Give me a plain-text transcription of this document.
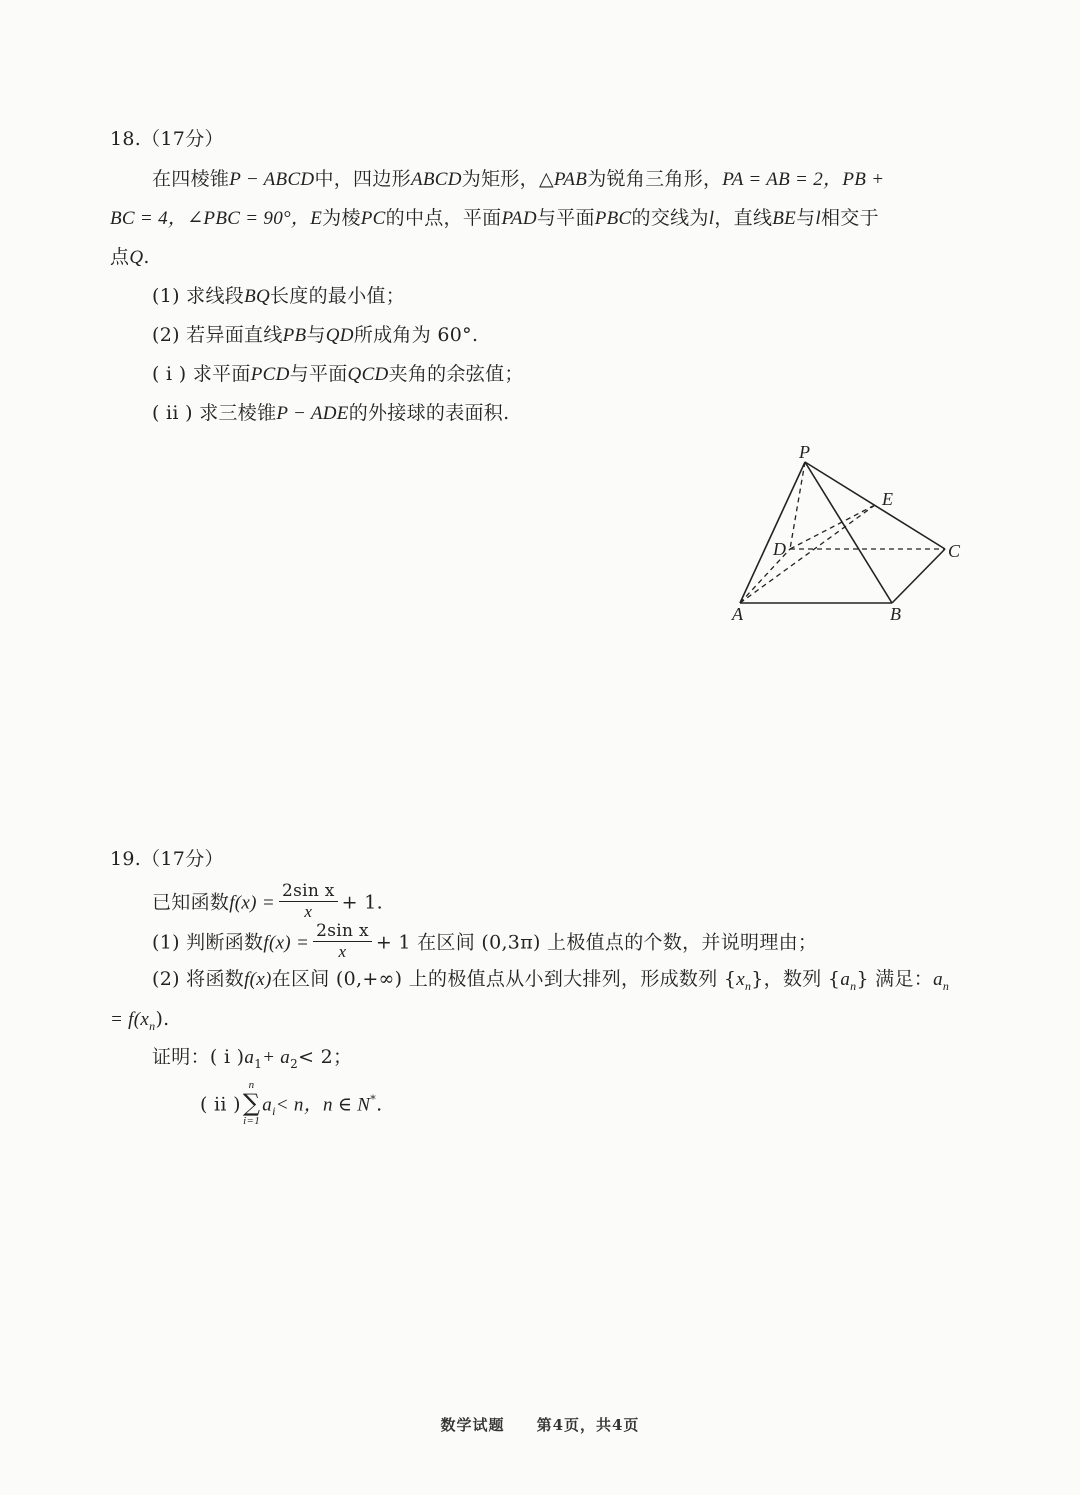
18.（17分）
在四棱锥P − ABCD中，四边形ABCD为矩形，△PAB为锐角三角形，PA = AB = 2，PB +
BC = 4，∠PBC = 90°，E为棱PC的中点，平面PAD与平面PBC的交线为l，直线BE与l相交于
点Q.
(1) 求线段BQ长度的最小值；
(2) 若异面直线PB与QD所成角为 60°.
( i ) 求平面PCD与平面QCD夹角的余弦值；
( ii ) 求三棱锥P − ADE的外接球的表面积.
P
E
D	C
A	B
19.（17分）
已知函数$f(x) = \frac{\text{2sin x}}{x} + 1$.
(1) 判断函数$f(x) = \frac{\text{2sin x}}{x} + 1$ 在区间 (0,3π) 上极值点的个数，并说明理由；
(2) 将函数f(x)在区间 (0,+∞) 上的极值点从小到大排列，形成数列 $\{x_n\}$，数列 $\{a_n\}$ 满足：$a_n$
= $f(x_n)$.
证明：( i )$a_1+ a_2< 2$；
( ii )
n
∑
i=1
$a_i< n$，n ∈ N*.
数学试题 第4页，共4页
